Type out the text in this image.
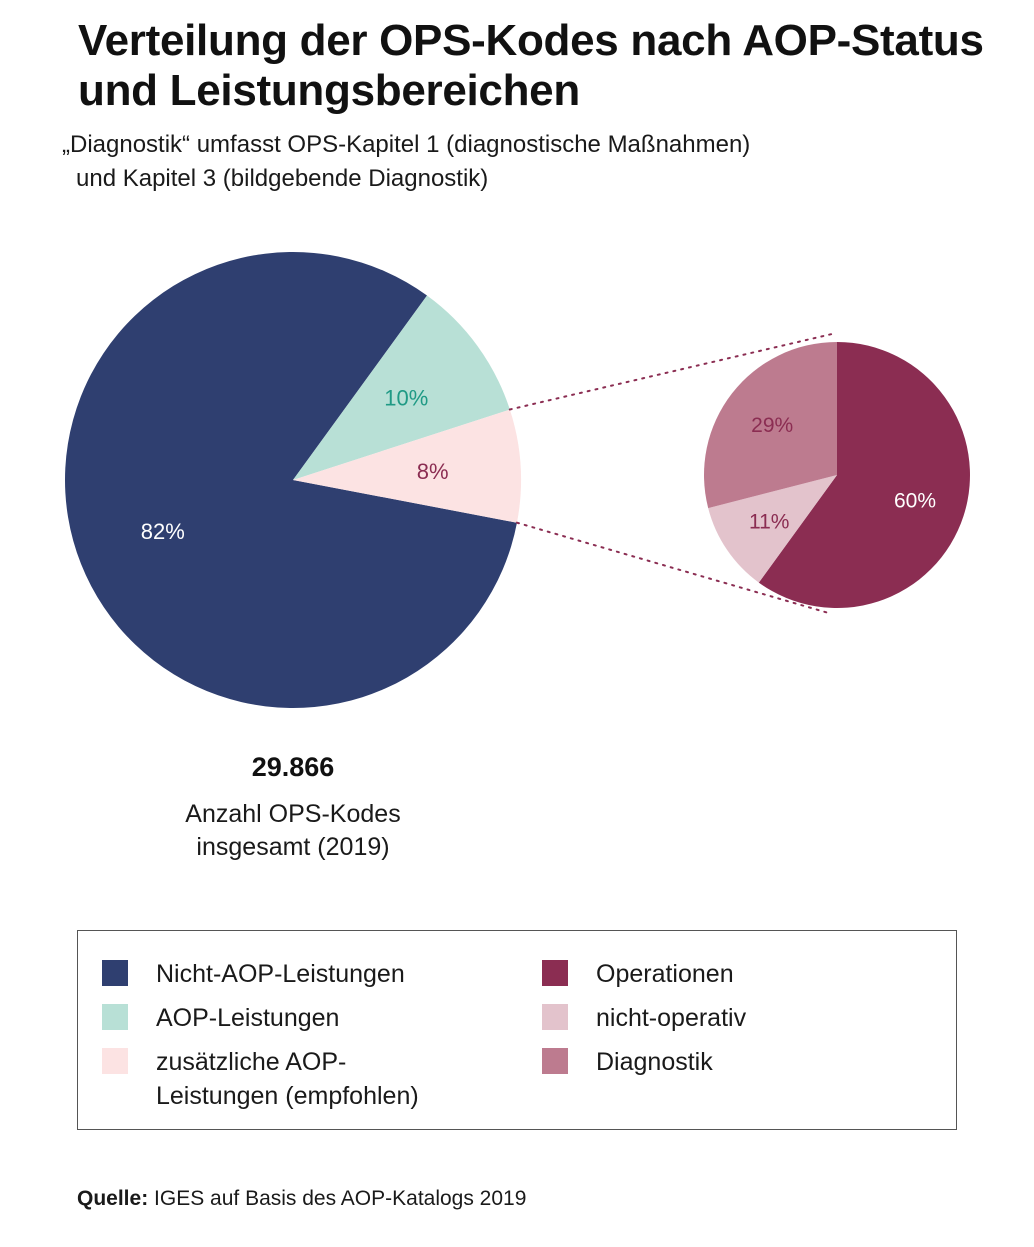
Verteilung der OPS-Kodes nach AOP-Status und Leistungsbereichen
„Diagnostik“ umfasst OPS-Kapitel 1 (diagnostische Maßnahmen)
und Kapitel 3 (bildgebende Diagnostik)
82%
10%
8%
60%
11%
29%
29.866
Anzahl OPS-Kodes
insgesamt (2019)
Nicht-AOP-Leistungen
AOP-Leistungen
zusätzliche AOP-
Leistungen (empfohlen)
Operationen
nicht-operativ
Diagnostik
Quelle: IGES auf Basis des AOP-Katalogs 2019
